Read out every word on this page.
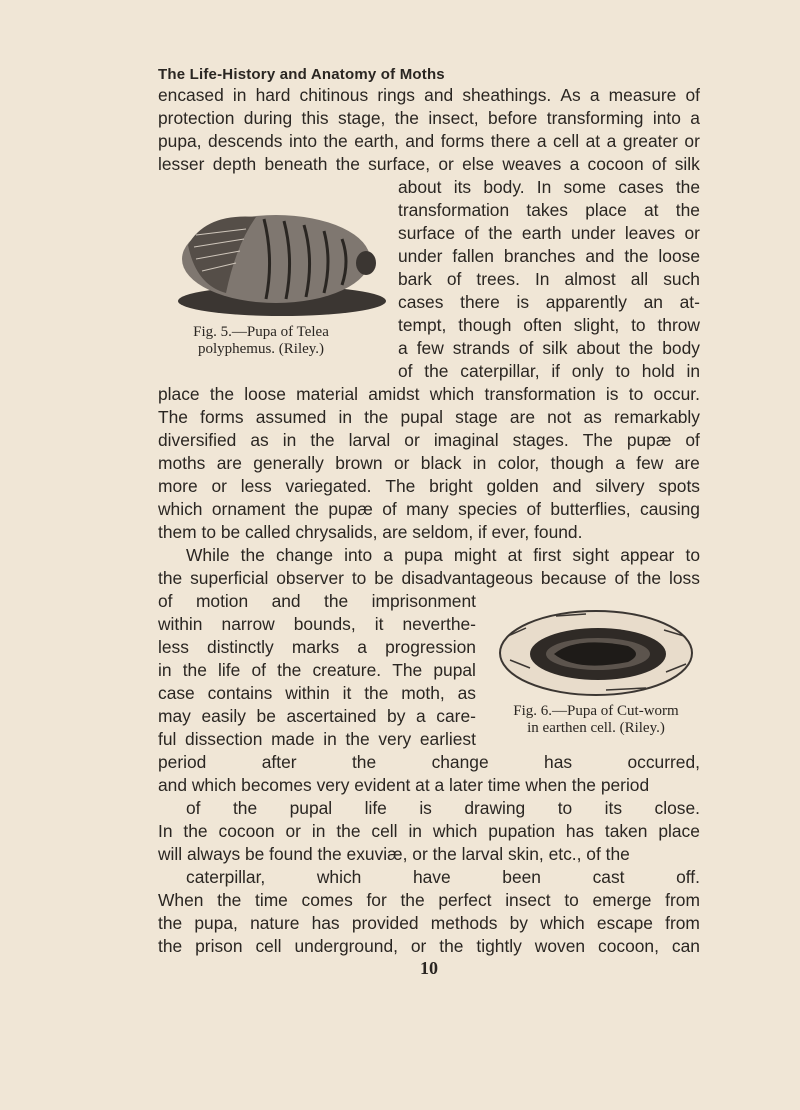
The Life-History and Anatomy of Moths
encased in hard chitinous rings and sheathings. As a measure of
protection during this stage, the insect, before transforming into a
pupa, descends into the earth, and forms there a cell at a greater or
lesser depth beneath the surface, or else weaves a cocoon of silk
about its body. In some cases the
transformation takes place at the
surface of the earth under leaves or
under fallen branches and the loose
bark of trees. In almost all such
cases there is apparently an at-
tempt, though often slight, to throw
a few strands of silk about the body
of the caterpillar, if only to hold in
place the loose material amidst which transformation is to occur.
The forms assumed in the pupal stage are not as remarkably
diversified as in the larval or imaginal stages. The pupæ of
moths are generally brown or black in color, though a few are
more or less variegated. The bright golden and silvery spots
which ornament the pupæ of many species of butterflies, causing
them to be called chrysalids, are seldom, if ever, found.
While the change into a pupa might at first sight appear to
the superficial observer to be disadvantageous because of the loss
of motion and the imprisonment
within narrow bounds, it neverthe-
less distinctly marks a progression
in the life of the creature. The pupal
case contains within it the moth, as
may easily be ascertained by a care-
ful dissection made in the very earliest
period	after	the	change	has	occurred,
and which becomes very evident at a later time when the period
of the pupal life is drawing to its close.
In the cocoon or in the cell in which pupation has taken place
will always be found the exuviæ, or the larval skin, etc., of the
caterpillar,	which	have	been	cast	off.
When the time comes for the perfect insect to emerge from
the pupa, nature has provided methods by which escape from
the prison cell underground, or the tightly woven cocoon, can
Fig. 5.—Pupa of Telea
polyphemus. (Riley.)
Fig. 6.—Pupa of Cut-worm
in earthen cell. (Riley.)
10
